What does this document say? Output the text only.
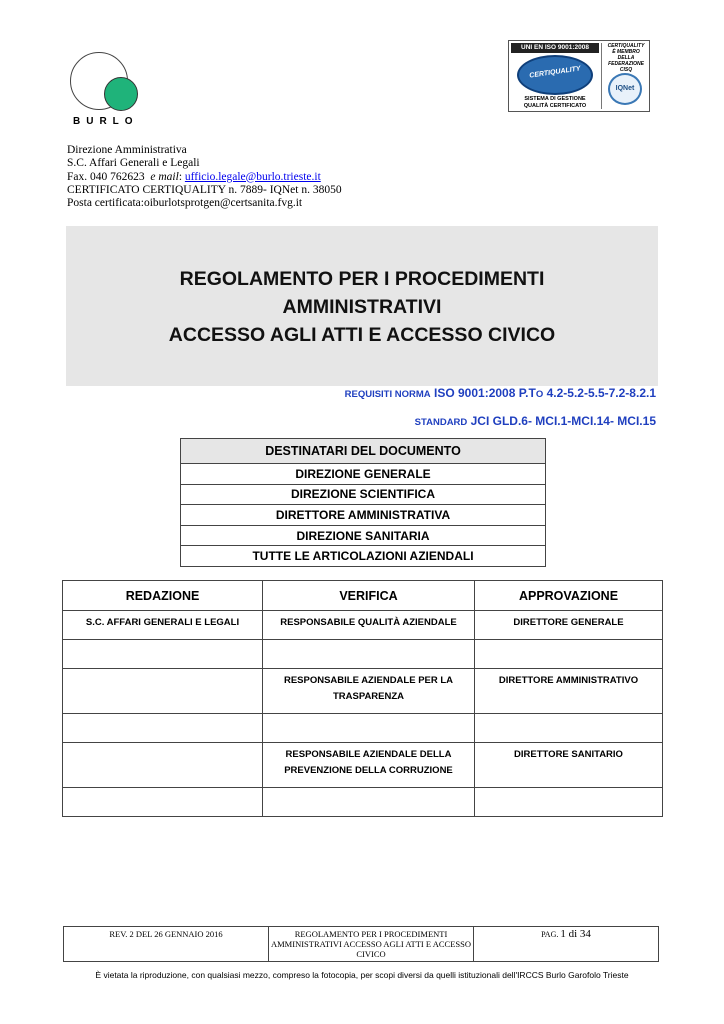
BURLO
UNI EN ISO 9001:2008
CERTIQUALITY
SISTEMA DI GESTIONE
QUALITÀ CERTIFICATO
CERTIQUALITY
È MEMBRO DELLA
FEDERAZIONE CISQ
IQNet
Direzione Amministrativa
S.C. Affari Generali e Legali
Fax. 040 762623 e mail: ufficio.legale@burlo.trieste.it
CERTIFICATO CERTIQUALITY n. 7889- IQNet n. 38050
Posta certificata:oiburlotsprotgen@certsanita.fvg.it
REGOLAMENTO PER I PROCEDIMENTI
AMMINISTRATIVI
ACCESSO AGLI ATTI E ACCESSO CIVICO
REQUISITI NORMA ISO 9001:2008 P.TO 4.2-5.2-5.5-7.2-8.2.1
STANDARD JCI GLD.6- MCI.1-MCI.14- MCI.15
DESTINATARI DEL DOCUMENTO
DIREZIONE GENERALE
DIREZIONE SCIENTIFICA
DIRETTORE AMMINISTRATIVA
DIREZIONE SANITARIA
TUTTE LE ARTICOLAZIONI AZIENDALI
REDAZIONE	VERIFICA	APPROVAZIONE
S.C. AFFARI GENERALI E LEGALI	RESPONSABILE QUALITÀ AZIENDALE	DIRETTORE GENERALE

	RESPONSABILE AZIENDALE PER LA TRASPARENZA	DIRETTORE AMMINISTRATIVO

	RESPONSABILE AZIENDALE DELLA PREVENZIONE DELLA CORRUZIONE	DIRETTORE SANITARIO

REV. 2 DEL 26 GENNAIO 2016	REGOLAMENTO PER I PROCEDIMENTI AMMINISTRATIVI ACCESSO AGLI ATTI E ACCESSO CIVICO	PAG. 1 di 34
È vietata la riproduzione, con qualsiasi mezzo, compreso la fotocopia, per scopi diversi da quelli istituzionali dell'IRCCS Burlo Garofolo Trieste
